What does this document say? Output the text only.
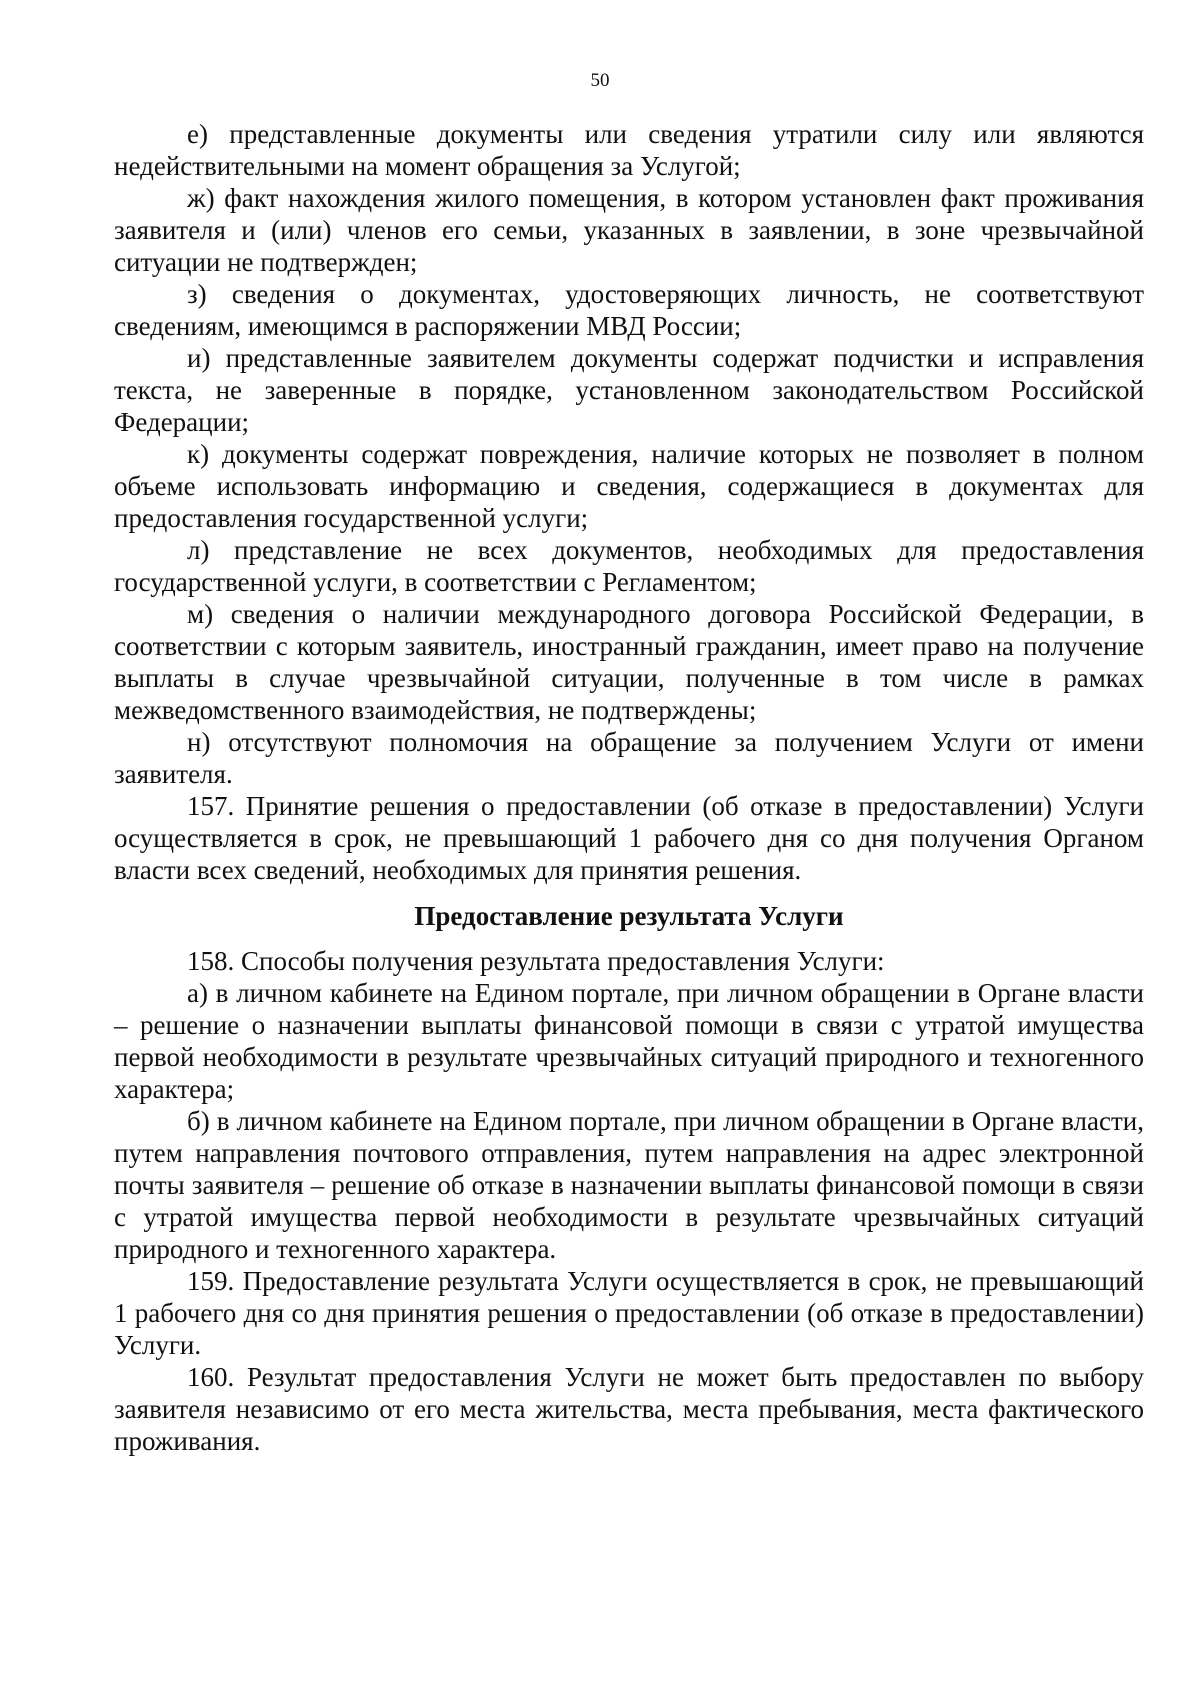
50

е) представленные документы или сведения утратили силу или являются недействительными на момент обращения за Услугой;

ж) факт нахождения жилого помещения, в котором установлен факт проживания заявителя и (или) членов его семьи, указанных в заявлении, в зоне чрезвычайной ситуации не подтвержден;

з) сведения о документах, удостоверяющих личность, не соответствуют сведениям, имеющимся в распоряжении МВД России;

и) представленные заявителем документы содержат подчистки и исправления текста, не заверенные в порядке, установленном законодательством Российской Федерации;

к) документы содержат повреждения, наличие которых не позволяет в полном объеме использовать информацию и сведения, содержащиеся в документах для предоставления государственной услуги;

л) представление не всех документов, необходимых для предоставления государственной услуги, в соответствии с Регламентом;

м) сведения о наличии международного договора Российской Федерации, в соответствии с которым заявитель, иностранный гражданин, имеет право на получение выплаты в случае чрезвычайной ситуации, полученные в том числе в рамках межведомственного взаимодействия, не подтверждены;

н) отсутствуют полномочия на обращение за получением Услуги от имени заявителя.

157. Принятие решения о предоставлении (об отказе в предоставлении) Услуги осуществляется в срок, не превышающий 1 рабочего дня со дня получения Органом власти всех сведений, необходимых для принятия решения.

Предоставление результата Услуги

158. Способы получения результата предоставления Услуги:

а) в личном кабинете на Едином портале, при личном обращении в Органе власти – решение о назначении выплаты финансовой помощи в связи с утратой имущества первой необходимости в результате чрезвычайных ситуаций природного и техногенного характера;

б) в личном кабинете на Едином портале, при личном обращении в Органе власти, путем направления почтового отправления, путем направления на адрес электронной почты заявителя – решение об отказе в назначении выплаты финансовой помощи в связи с утратой имущества первой необходимости в результате чрезвычайных ситуаций природного и техногенного характера.

159. Предоставление результата Услуги осуществляется в срок, не превышающий 1 рабочего дня со дня принятия решения о предоставлении (об отказе в предоставлении) Услуги.

160. Результат предоставления Услуги не может быть предоставлен по выбору заявителя независимо от его места жительства, места пребывания, места фактического проживания.
